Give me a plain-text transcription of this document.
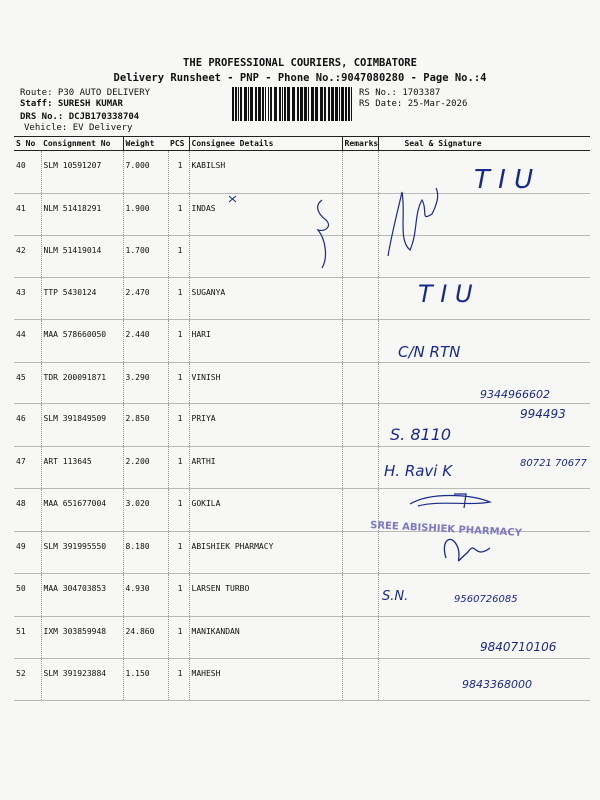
THE PROFESSIONAL COURIERS, COIMBATORE
Delivery Runsheet - PNP - Phone No.:9047080280 - Page No.:4
Route: P30 AUTO DELIVERY
Staff: SURESH KUMAR
DRS No.: DCJB170338704
Vehicle: EV Delivery
RS No.: 1703387
RS Date: 25-Mar-2026
S No	Consignment No	Weight	PCS	Consignee Details	Remarks	Seal & Signature
40	SLM 10591207	7.000	1	KABILSH		
41	NLM 51418291	1.900	1	INDAS		
42	NLM 51419014	1.700	1			
43	TTP 5430124	2.470	1	SUGANYA		
44	MAA 578660050	2.440	1	HARI		
45	TDR 200091871	3.290	1	VINISH		
46	SLM 391849509	2.850	1	PRIYA		
47	ART 113645	2.200	1	ARTHI		
48	MAA 651677004	3.020	1	GOKILA		
49	SLM 391995550	8.180	1	ABISHIEK PHARMACY		
50	MAA 304703853	4.930	1	LARSEN TURBO		
51	IXM 303859948	24.860	1	MANIKANDAN		
52	SLM 391923884	1.150	1	MAHESH		
T I U
T I U
C/N RTN
9344966602
994493
S. 8110
80721 70677
H. Ravi K
SREE ABISHIEK PHARMACY
S.N.	9560726085
9840710106
9843368000
